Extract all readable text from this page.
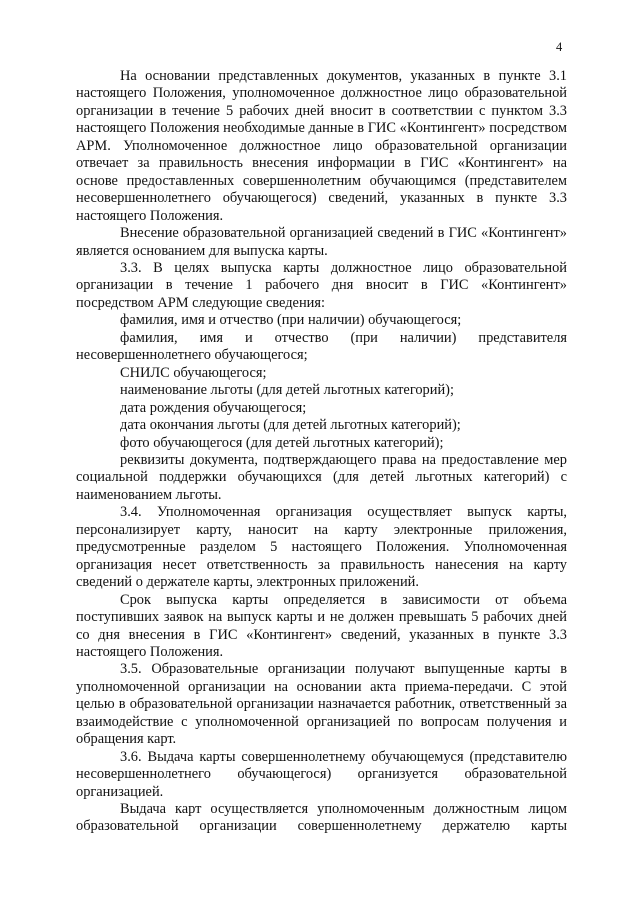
4

На основании представленных документов, указанных в пункте 3.1 настоящего Положения, уполномоченное должностное лицо образовательной организации в течение 5 рабочих дней вносит в соответствии с пунктом 3.3 настоящего Положения необходимые данные в ГИС «Контингент» посредством АРМ. Уполномоченное должностное лицо образовательной организации отвечает за правильность внесения информации в ГИС «Контингент» на основе предоставленных совершеннолетним обучающимся (представителем несовершеннолетнего обучающегося) сведений, указанных в пункте 3.3 настоящего Положения.

Внесение образовательной организацией сведений в ГИС «Контингент» является основанием для выпуска карты.

3.3. В целях выпуска карты должностное лицо образовательной организации в течение 1 рабочего дня вносит в ГИС «Контингент» посредством АРМ следующие сведения:

фамилия, имя и отчество (при наличии) обучающегося;

фамилия, имя и отчество (при наличии) представителя несовершеннолетнего обучающегося;

СНИЛС обучающегося;

наименование льготы (для детей льготных категорий);

дата рождения обучающегося;

дата окончания льготы (для детей льготных категорий);

фото обучающегося (для детей льготных категорий);

реквизиты документа, подтверждающего права на предоставление мер социальной поддержки обучающихся (для детей льготных категорий) с наименованием льготы.

3.4. Уполномоченная организация осуществляет выпуск карты, персонализирует карту, наносит на карту электронные приложения, предусмотренные разделом 5 настоящего Положения. Уполномоченная организация несет ответственность за правильность нанесения на карту сведений о держателе карты, электронных приложений.

Срок выпуска карты определяется в зависимости от объема поступивших заявок на выпуск карты и не должен превышать 5 рабочих дней со дня внесения в ГИС «Контингент» сведений, указанных в пункте 3.3 настоящего Положения.

3.5. Образовательные организации получают выпущенные карты в уполномоченной организации на основании акта приема-передачи. С этой целью в образовательной организации назначается работник, ответственный за взаимодействие с уполномоченной организацией по вопросам получения и обращения карт.

3.6. Выдача карты совершеннолетнему обучающемуся (представителю несовершеннолетнего обучающегося) организуется образовательной организацией.

Выдача карт осуществляется уполномоченным должностным лицом образовательной организации совершеннолетнему держателю карты
